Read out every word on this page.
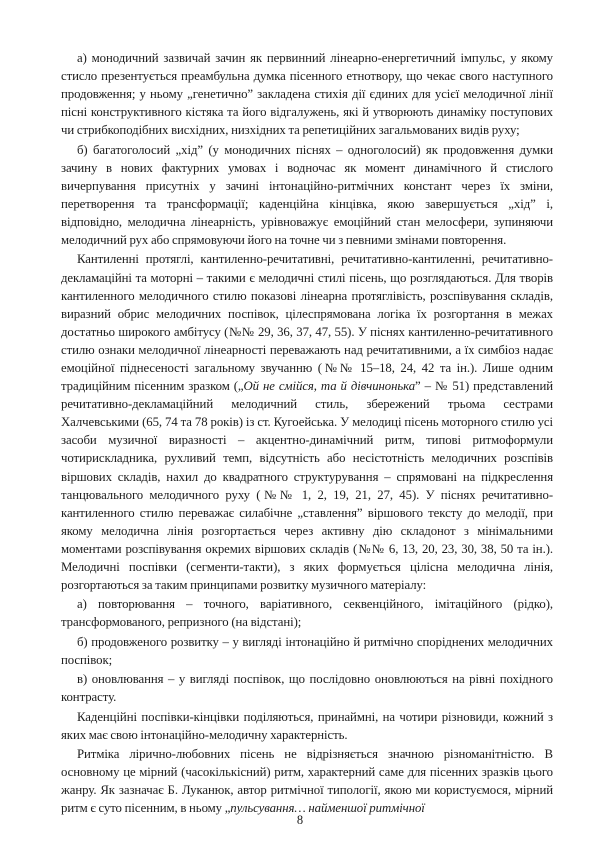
а) монодичний зазвичай зачин як первинний лінеарно-енергетичний імпульс, у якому стисло презентується преамбульна думка пісенного етнотвору, що чекає свого наступного продовження; у ньому „генетично” закладена стихія дії єдиних для усієї мелодичної лінії пісні конструктивного кістяка та його відгалужень, які й утворюють динаміку поступових чи стрибкоподібних висхідних, низхідних та репетиційних загальмованих видів руху;

б) багатоголосий „хід” (у монодичних піснях – одноголосий) як продовження думки зачину в нових фактурних умовах і водночас як момент динамічного й стислого вичерпування присутніх у зачині інтонаційно-ритмічних констант через їх зміни, перетворення та трансформації; каденційна кінцівка, якою завершується „хід” і, відповідно, мелодична лінеарність, урівноважує емоційний стан мелосфери, зупиняючи мелодичний рух або спрямовуючи його на точне чи з певними змінами повторення.

Кантиленні протяглі, кантиленно-речитативні, речитативно-кантиленні, речитативно-декламаційні та моторні – такими є мелодичні стилі пісень, що розглядаються. Для творів кантиленного мелодичного стилю показові лінеарна протяглівість, розспівування складів, виразний обрис мелодичних поспівок, цілеспрямована логіка їх розгортання в межах достатньо широкого амбітусу (№№ 29, 36, 37, 47, 55). У піснях кантиленно-речитативного стилю ознаки мелодичної лінеарності переважають над речитативними, а їх симбіоз надає емоційної піднесеності загальному звучанню (№№ 15–18, 24, 42 та ін.). Лише одним традиційним пісенним зразком („Ой не смійся, та й дівчинонька” – № 51) представлений речитативно-декламаційний мелодичний стиль, збережений трьома сестрами Халчевськими (65, 74 та 78 років) із ст. Кугоейська. У мелодиці пісень моторного стилю усі засоби музичної виразності – акцентно-динамічний ритм, типові ритмоформули чотирискладника, рухливий темп, відсутність або несістотність мелодичних розспівів віршових складів, нахил до квадратного структурування – спрямовані на підкреслення танцювального мелодичного руху (№№ 1, 2, 19, 21, 27, 45). У піснях речитативно-кантиленного стилю переважає силабічне „ставлення” віршового тексту до мелодії, при якому мелодична лінія розгортається через активну дію складонот з мінімальними моментами розспівування окремих віршових складів (№№ 6, 13, 20, 23, 30, 38, 50 та ін.). Мелодичні поспівки (сегменти-такти), з яких формується цілісна мелодична лінія, розгортаються за таким принципами розвитку музичного матеріалу:

а) повторювання – точного, варіативного, секвенційного, імітаційного (рідко), трансформованого, репризного (на відстані);

б) продовженого розвитку – у вигляді інтонаційно й ритмічно споріднених мелодичних поспівок;

в) оновлювання – у вигляді поспівок, що послідовно оновлюються на рівні похідного контрасту.

Каденційні поспівки-кінцівки поділяються, принаймні, на чотири різновиди, кожний з яких має свою інтонаційно-мелодичну характерність.

Ритміка лірично-любовних пісень не відрізняється значною різноманітністю. В основному це мірний (часокількісний) ритм, характерний саме для пісенних зразків цього жанру. Як зазначає Б. Луканюк, автор ритмічної типології, якою ми користуємося, мірний ритм є суто пісенним, в ньому „пульсування… найменшої ритмічної

8
